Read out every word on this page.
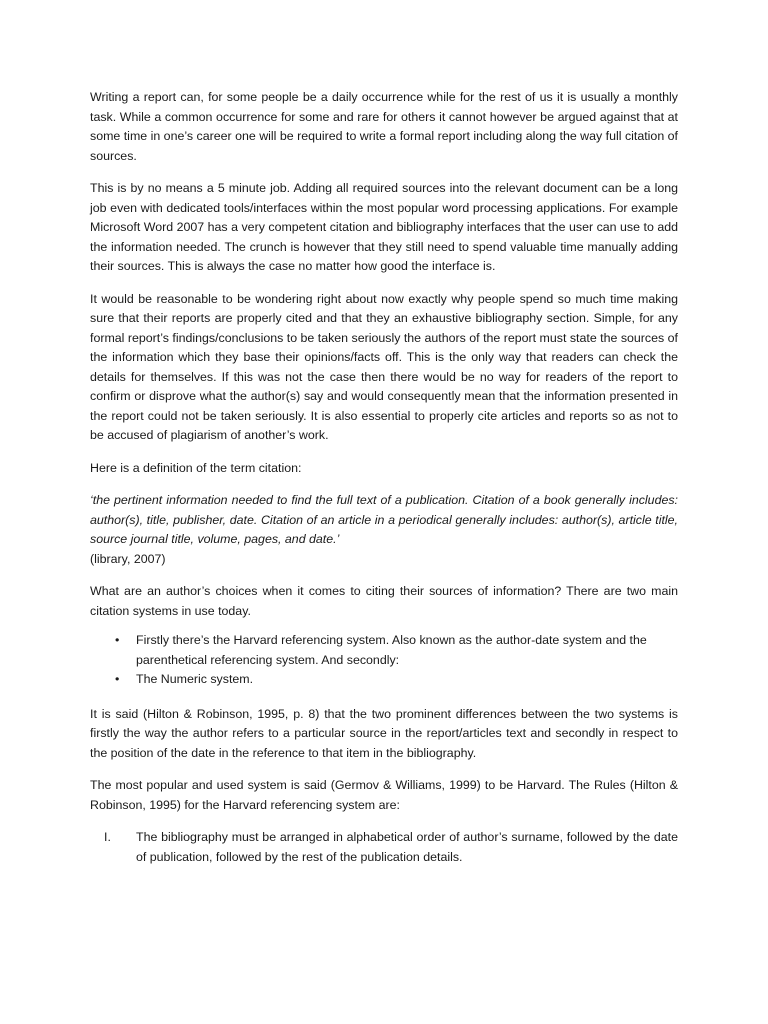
Writing a report can, for some people be a daily occurrence while for the rest of us it is usually a monthly task. While a common occurrence for some and rare for others it cannot however be argued against that at some time in one’s career one will be required to write a formal report including along the way full citation of sources.

This is by no means a 5 minute job. Adding all required sources into the relevant document can be a long job even with dedicated tools/interfaces within the most popular word processing applications. For example Microsoft Word 2007 has a very competent citation and bibliography interfaces that the user can use to add the information needed. The crunch is however that they still need to spend valuable time manually adding their sources. This is always the case no matter how good the interface is.

It would be reasonable to be wondering right about now exactly why people spend so much time making sure that their reports are properly cited and that they an exhaustive bibliography section. Simple, for any formal report’s findings/conclusions to be taken seriously the authors of the report must state the sources of the information which they base their opinions/facts off. This is the only way that readers can check the details for themselves. If this was not the case then there would be no way for readers of the report to confirm or disprove what the author(s) say and would consequently mean that the information presented in the report could not be taken seriously. It is also essential to properly cite articles and reports so as not to be accused of plagiarism of another’s work.

Here is a definition of the term citation:

‘the pertinent information needed to find the full text of a publication. Citation of a book generally includes: author(s), title, publisher, date. Citation of an article in a periodical generally includes: author(s), article title, source journal title, volume, pages, and date.’
(library, 2007)

What are an author’s choices when it comes to citing their sources of information? There are two main citation systems in use today.

• Firstly there’s the Harvard referencing system. Also known as the author-date system and the parenthetical referencing system. And secondly:
• The Numeric system.

It is said (Hilton & Robinson, 1995, p. 8) that the two prominent differences between the two systems is firstly the way the author refers to a particular source in the report/articles text and secondly in respect to the position of the date in the reference to that item in the bibliography.

The most popular and used system is said (Germov & Williams, 1999) to be Harvard. The Rules (Hilton & Robinson, 1995) for the Harvard referencing system are:

I. The bibliography must be arranged in alphabetical order of author’s surname, followed by the date of publication, followed by the rest of the publication details.
